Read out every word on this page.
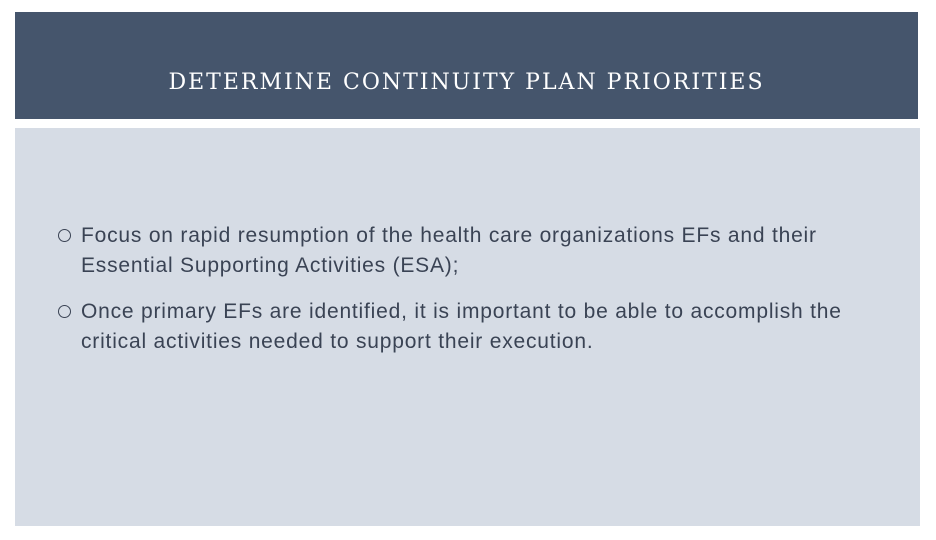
DETERMINE CONTINUITY PLAN PRIORITIES
Focus on rapid resumption of the health care organizations EFs and their Essential Supporting Activities (ESA);
Once primary EFs are identified, it is important to be able to accomplish the critical activities needed to support their execution.
